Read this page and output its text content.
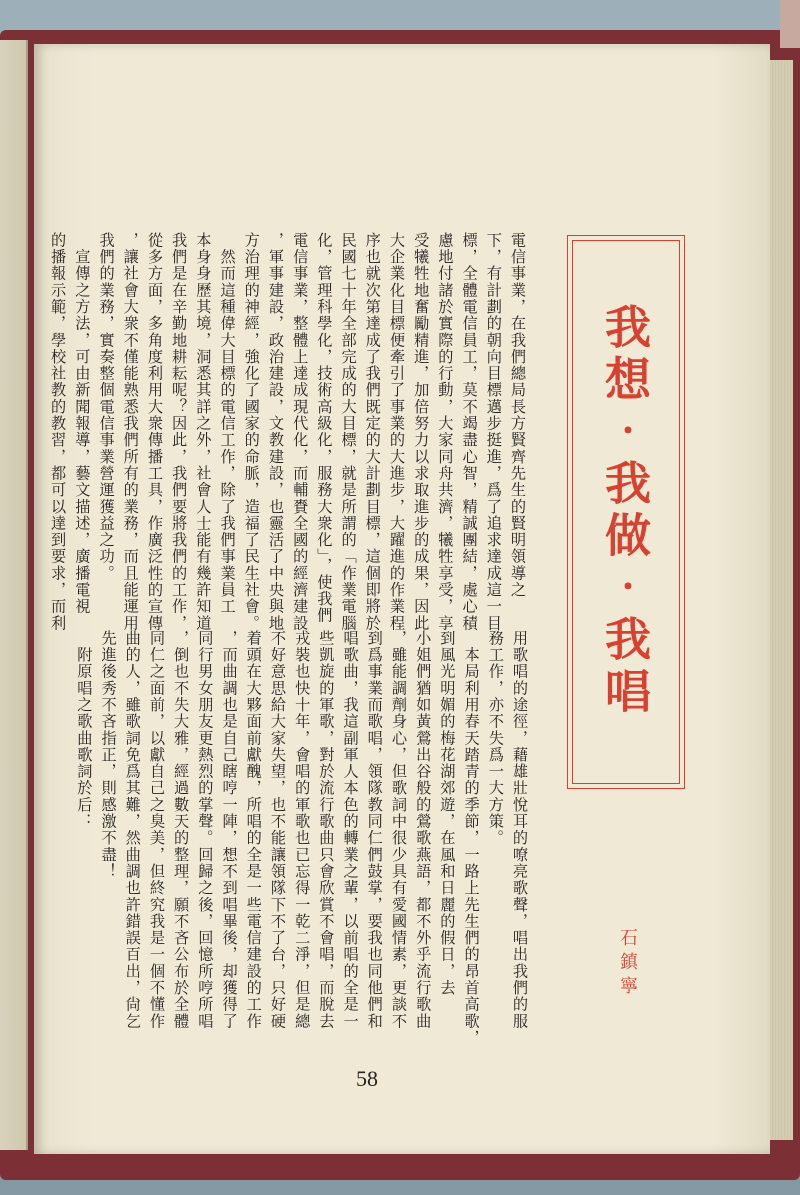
我想‧我做‧我唱
石鎮寧

電信事業，在我們總局長方賢齊先生的賢明領導之

下，有計劃的朝向目標邁步挺進，爲了追求達成這一目

標，全體電信員工，莫不竭盡心智，精誠團結，處心積

慮地付諸於實際的行動，大家同舟共濟，犧牲享受，享

受犧牲地奮勵精進，加倍努力以求取進步的成果，因此

大企業化目標便牽引了事業的大進步，大躍進的作業程

序也就次第達成了我們既定的大計劃目標，這個即將於

民國七十年全部完成的大目標，就是所謂的「作業電腦

化，管理科學化，技術高級化，服務大衆化」，使我們

電信事業，整體上達成現代化，而輔賚全國的經濟建設

，軍事建設，政治建設，文教建設，也靈活了中央與地

方治理的神經，強化了國家的命脈，造福了民生社會。

　然而這種偉大目標的電信工作，除了我們事業員工

本身身歷其境，洞悉其詳之外，社會人士能有幾許知道

我們是在辛勤地耕耘呢？因此，我們要將我們的工作，

從多方面，多角度利用大衆傳播工具，作廣泛性的宣傳

，讓社會大衆不僅能熟悉我們所有的業務，而且能運用

我們的業務，實奏整個電信事業營運獲益之功。

　宣傳之方法，可由新聞報導，藝文描述，廣播電視

的播報示範，學校社教的教習，都可以達到要求，而利

用歌唱的途徑，藉雄壯悅耳的嘹亮歌聲，唱出我們的服

務工作，亦不失爲一大方策。

　本局利用春天踏青的季節，一路上先生們的昂首高歌，

到風光明媚的梅花湖郊遊，在風和日麗的假日，去

小姐們猶如黃鶯出谷般的鶯歌燕語，都不外乎流行歌曲

，雖能調劑身心，但歌詞中很少具有愛國情素，更談不

到爲事業而歌唱，領隊教同仁們鼓掌，要我也同他們和

唱歌曲，我這副軍人本色的轉業之輩，以前唱的全是一

些凱旋的軍歌，對於流行歌曲只會欣賞不會唱，而脫去

戎裝也快十年，會唱的軍歌也已忘得一乾二淨，但是總

不好意思給大家失望，也不能讓領隊下不了台，只好硬

着頭在大夥面前獻醜，所唱的全是一些電信建設的工作

，而曲調也是自己瞎哼一陣，想不到唱畢後，却獲得了

同行男女朋友更熱烈的掌聲。回歸之後，回憶所哼所唱

，倒也不失大雅，經過數天的整理，願不吝公布於全體

同仁之面前，以獻自己之臭美，但終究我是一個不懂作

曲的人，雖歌詞免爲其難，然曲調也許錯誤百出，尙乞

先進後秀不吝指正，則感激不盡！

　附原唱之歌曲歌詞於后：

58
